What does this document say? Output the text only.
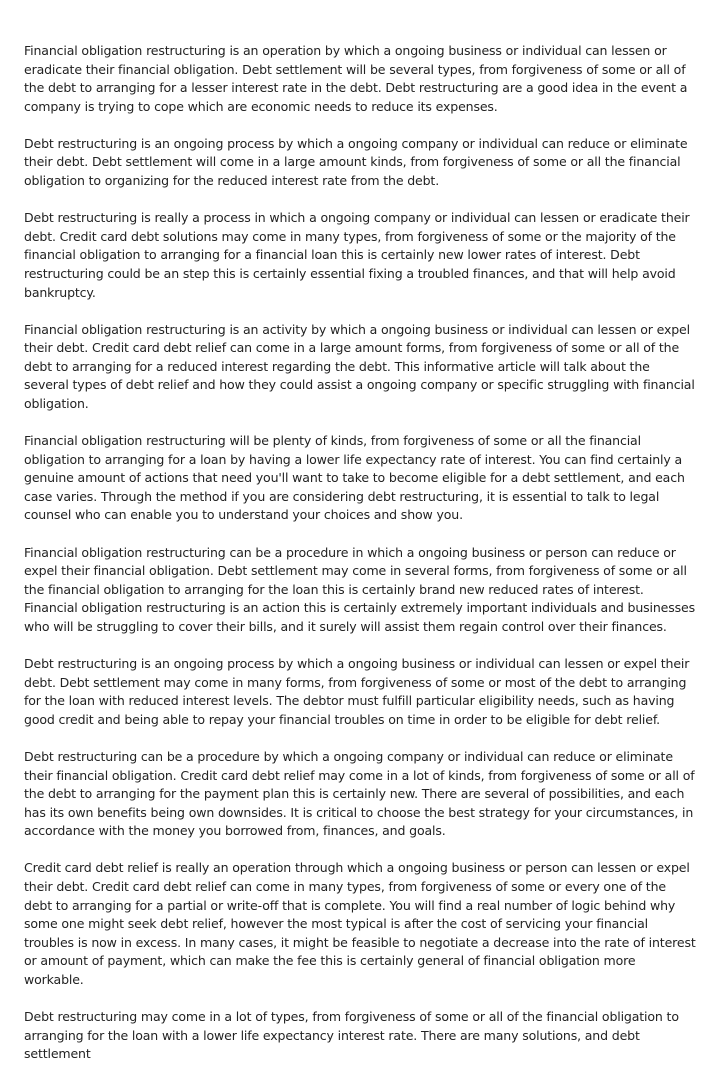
Financial obligation restructuring is an operation by which a ongoing business or individual can lessen or eradicate their financial obligation. Debt settlement will be several types, from forgiveness of some or all of the debt to arranging for a lesser interest rate in the debt. Debt restructuring are a good idea in the event a company is trying to cope which are economic needs to reduce its expenses.

Debt restructuring is an ongoing process by which a ongoing company or individual can reduce or eliminate their debt. Debt settlement will come in a large amount kinds, from forgiveness of some or all the financial obligation to organizing for the reduced interest rate from the debt.

Debt restructuring is really a process in which a ongoing company or individual can lessen or eradicate their debt. Credit card debt solutions may come in many types, from forgiveness of some or the majority of the financial obligation to arranging for a financial loan this is certainly new lower rates of interest. Debt restructuring could be an step this is certainly essential fixing a troubled finances, and that will help avoid bankruptcy.

Financial obligation restructuring is an activity by which a ongoing business or individual can lessen or expel their debt. Credit card debt relief can come in a large amount forms, from forgiveness of some or all of the debt to arranging for a reduced interest regarding the debt. This informative article will talk about the several types of debt relief and how they could assist a ongoing company or specific struggling with financial obligation.

Financial obligation restructuring will be plenty of kinds, from forgiveness of some or all the financial obligation to arranging for a loan by having a lower life expectancy rate of interest. You can find certainly a genuine amount of actions that need you'll want to take to become eligible for a debt settlement, and each case varies. Through the method if you are considering debt restructuring, it is essential to talk to legal counsel who can enable you to understand your choices and show you.

Financial obligation restructuring can be a procedure in which a ongoing business or person can reduce or expel their financial obligation. Debt settlement may come in several forms, from forgiveness of some or all the financial obligation to arranging for the loan this is certainly brand new reduced rates of interest. Financial obligation restructuring is an action this is certainly extremely important individuals and businesses who will be struggling to cover their bills, and it surely will assist them regain control over their finances.

Debt restructuring is an ongoing process by which a ongoing business or individual can lessen or expel their debt. Debt settlement may come in many forms, from forgiveness of some or most of the debt to arranging for the loan with reduced interest levels. The debtor must fulfill particular eligibility needs, such as having good credit and being able to repay your financial troubles on time in order to be eligible for debt relief.

Debt restructuring can be a procedure by which a ongoing company or individual can reduce or eliminate their financial obligation. Credit card debt relief may come in a lot of kinds, from forgiveness of some or all of the debt to arranging for the payment plan this is certainly new. There are several of possibilities, and each has its own benefits being own downsides. It is critical to choose the best strategy for your circumstances, in accordance with the money you borrowed from, finances, and goals.

Credit card debt relief is really an operation through which a ongoing business or person can lessen or expel their debt. Credit card debt relief can come in many types, from forgiveness of some or every one of the debt to arranging for a partial or write-off that is complete. You will find a real number of logic behind why some one might seek debt relief, however the most typical is after the cost of servicing your financial troubles is now in excess. In many cases, it might be feasible to negotiate a decrease into the rate of interest or amount of payment, which can make the fee this is certainly general of financial obligation more workable.

Debt restructuring may come in a lot of types, from forgiveness of some or all of the financial obligation to arranging for the loan with a lower life expectancy interest rate. There are many solutions, and debt settlement
